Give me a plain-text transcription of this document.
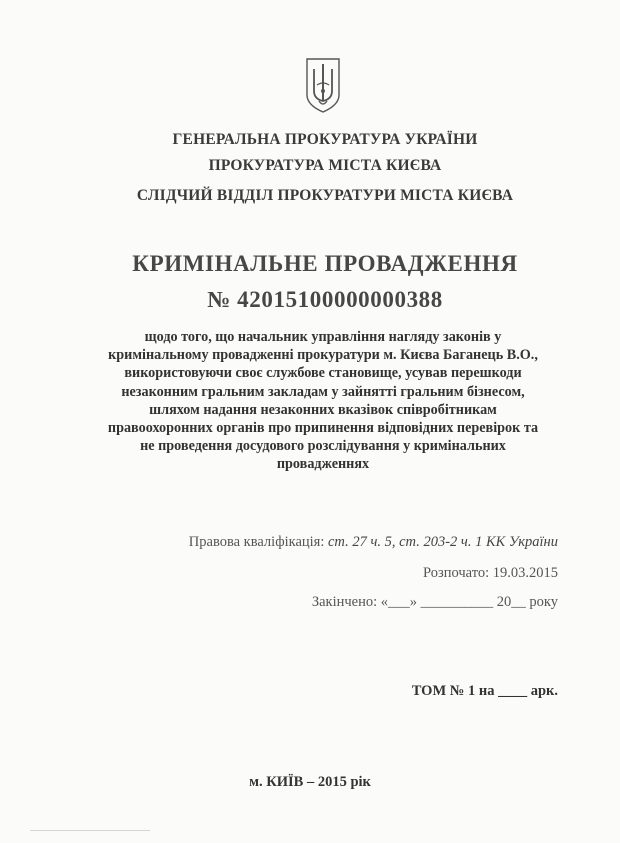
ГЕНЕРАЛЬНА ПРОКУРАТУРА УКРАЇНИ
ПРОКУРАТУРА МІСТА КИЄВА
СЛІДЧИЙ ВІДДІЛ ПРОКУРАТУРИ МІСТА КИЄВА
КРИМІНАЛЬНЕ ПРОВАДЖЕННЯ
№ 42015100000000388
щодо того, що начальник управління нагляду законів у кримінальному провадженні прокуратури м. Києва Баганець В.О., використовуючи своє службове становище, усував перешкоди незаконним гральним закладам у зайнятті гральним бізнесом, шляхом надання незаконних вказівок співробітникам правоохоронних органів про припинення відповідних перевірок та не проведення досудового розслідування у кримінальних провадженнях
Правова кваліфікація: ст. 27 ч. 5, ст. 203-2 ч. 1 КК України
Розпочато: 19.03.2015
Закінчено: «___» __________ 20__ року
ТОМ № 1 на ____ арк.
м. КИЇВ – 2015 рік
